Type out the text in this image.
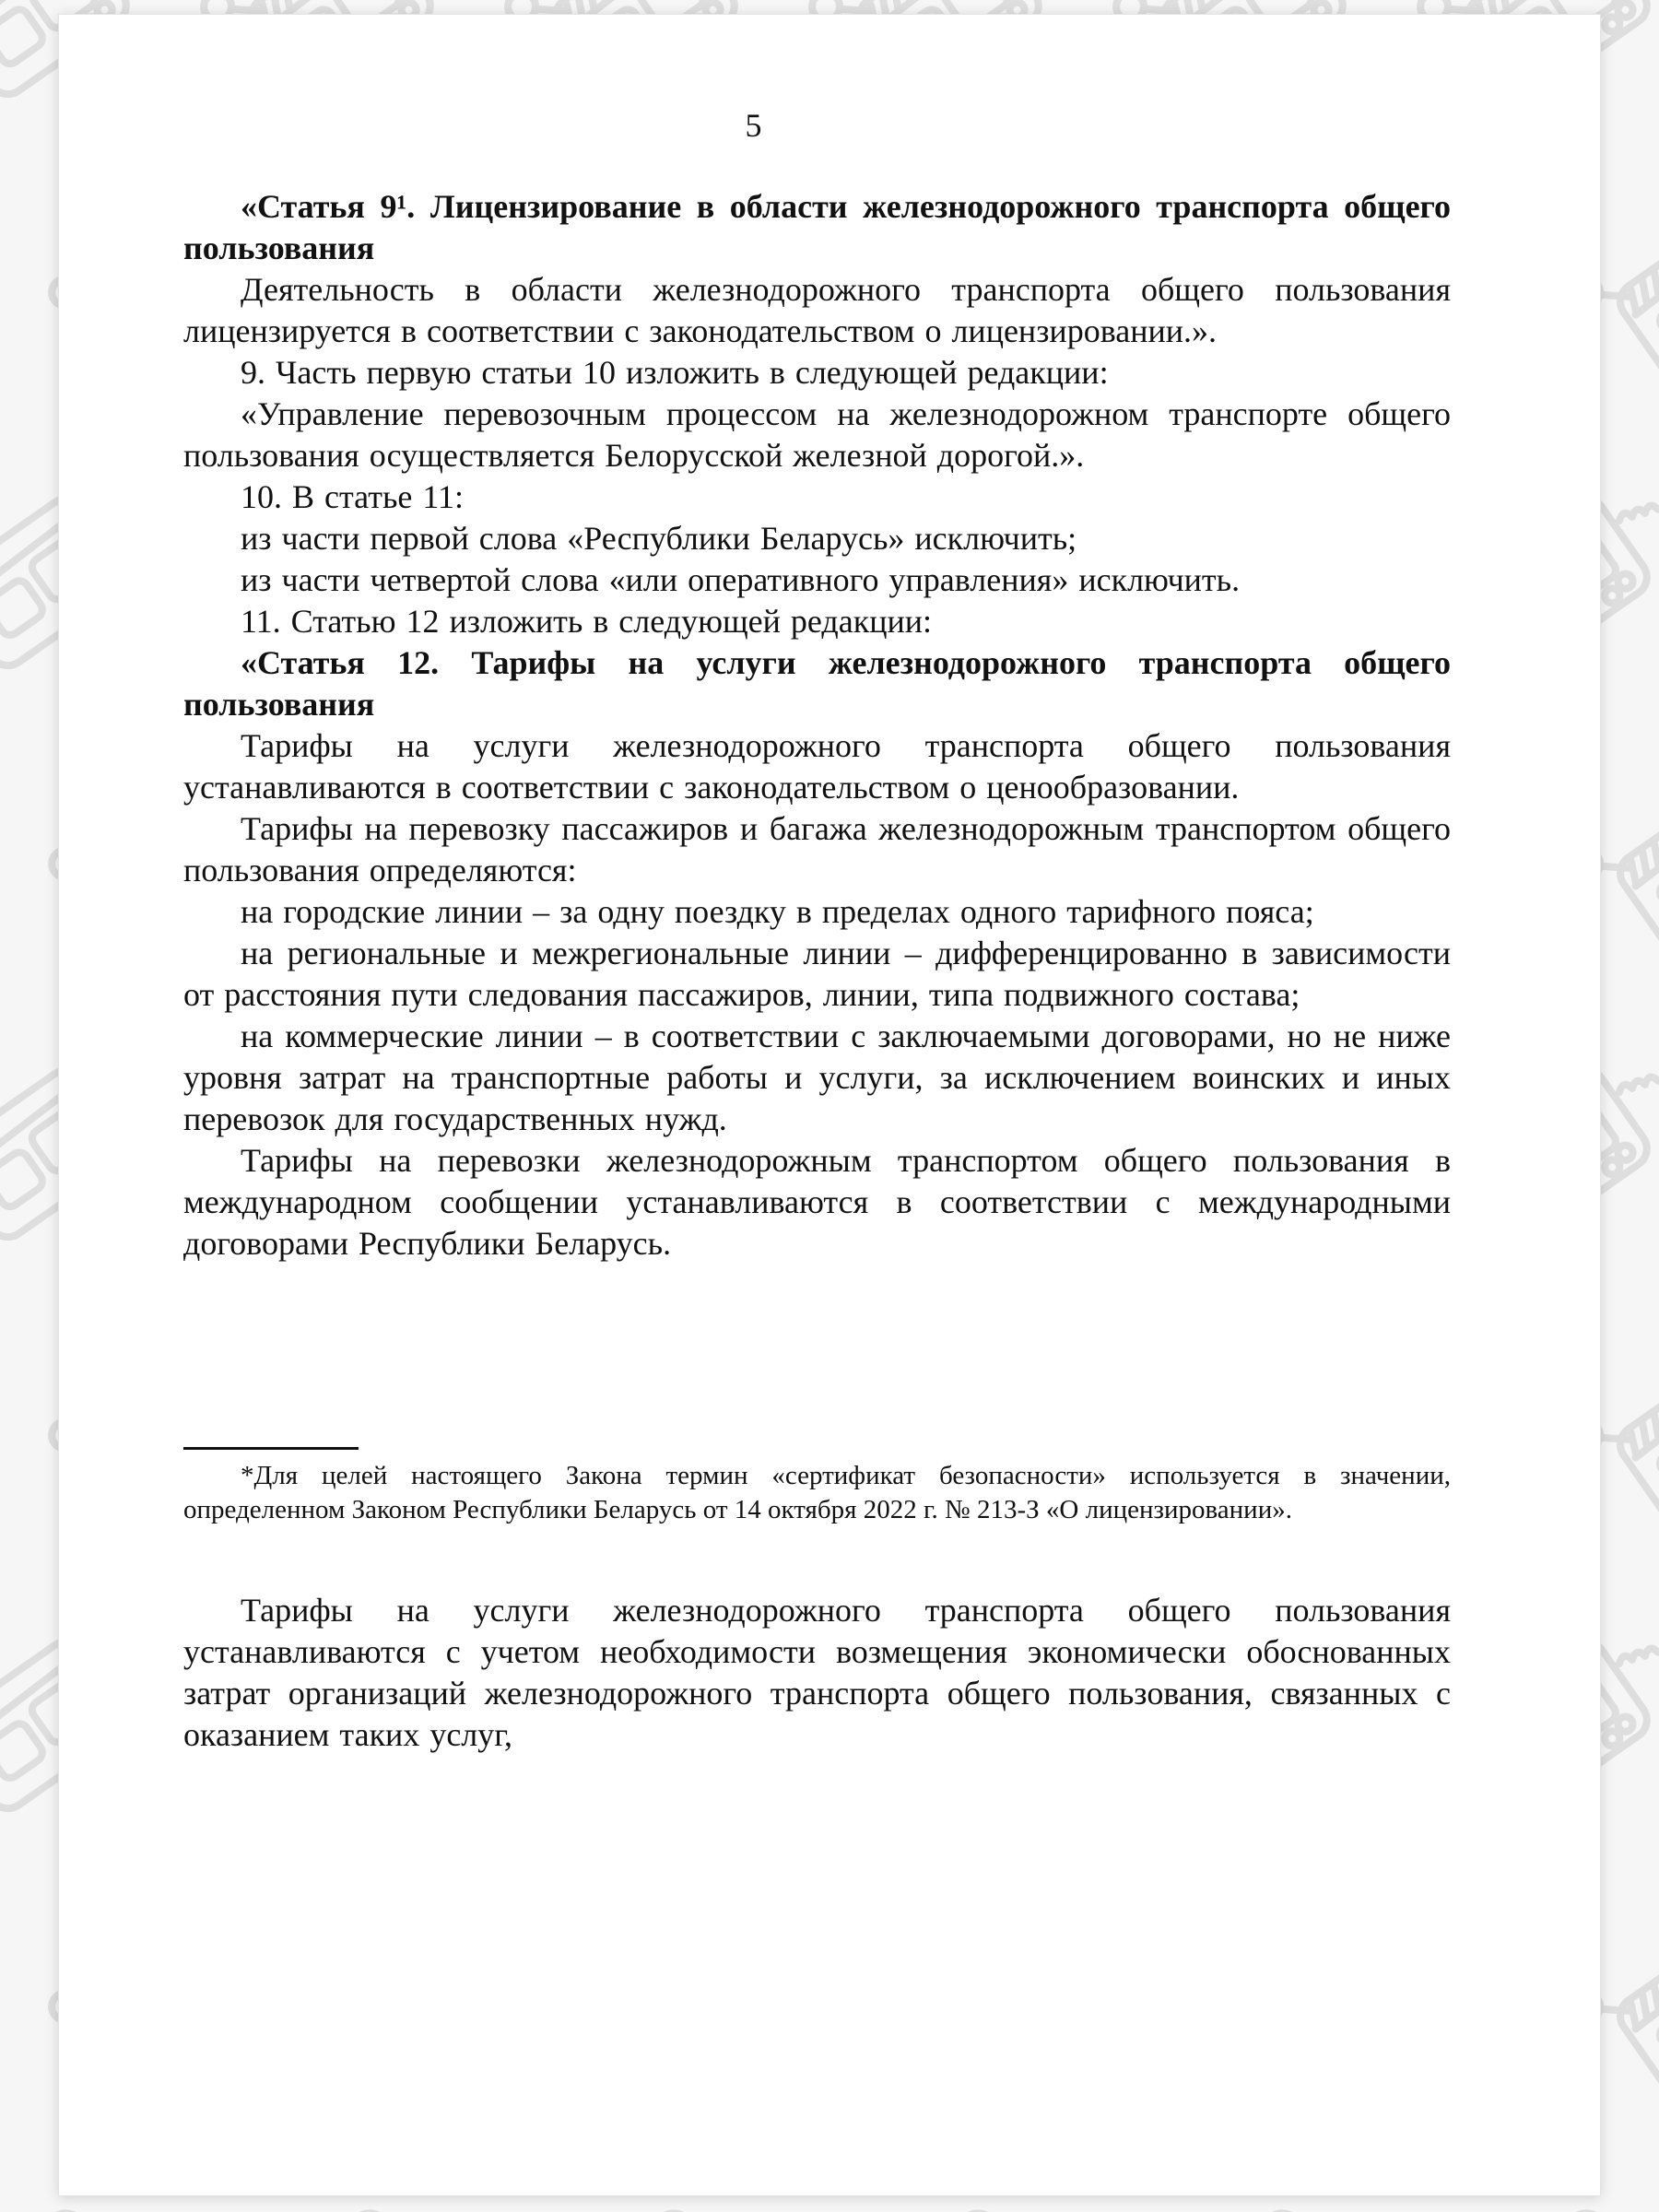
5

«Статья 9¹. Лицензирование в области железнодорожного транспорта общего пользования

Деятельность в области железнодорожного транспорта общего пользования лицензируется в соответствии с законодательством о лицензировании.».

9. Часть первую статьи 10 изложить в следующей редакции:

«Управление перевозочным процессом на железнодорожном транспорте общего пользования осуществляется Белорусской железной дорогой.».

10. В статье 11:

из части первой слова «Республики Беларусь» исключить;

из части четвертой слова «или оперативного управления» исключить.

11. Статью 12 изложить в следующей редакции:

«Статья 12. Тарифы на услуги железнодорожного транспорта общего пользования

Тарифы на услуги железнодорожного транспорта общего пользования устанавливаются в соответствии с законодательством о ценообразовании.

Тарифы на перевозку пассажиров и багажа железнодорожным транспортом общего пользования определяются:

на городские линии – за одну поездку в пределах одного тарифного пояса;

на региональные и межрегиональные линии – дифференцированно в зависимости от расстояния пути следования пассажиров, линии, типа подвижного состава;

на коммерческие линии – в соответствии с заключаемыми договорами, но не ниже уровня затрат на транспортные работы и услуги, за исключением воинских и иных перевозок для государственных нужд.

Тарифы на перевозки железнодорожным транспортом общего пользования в международном сообщении устанавливаются в соответствии с международными договорами Республики Беларусь.

*Для целей настоящего Закона термин «сертификат безопасности» используется в значении, определенном Законом Республики Беларусь от 14 октября 2022 г. № 213-З «О лицензировании».

Тарифы на услуги железнодорожного транспорта общего пользования устанавливаются с учетом необходимости возмещения экономически обоснованных затрат организаций железнодорожного транспорта общего пользования, связанных с оказанием таких услуг,
